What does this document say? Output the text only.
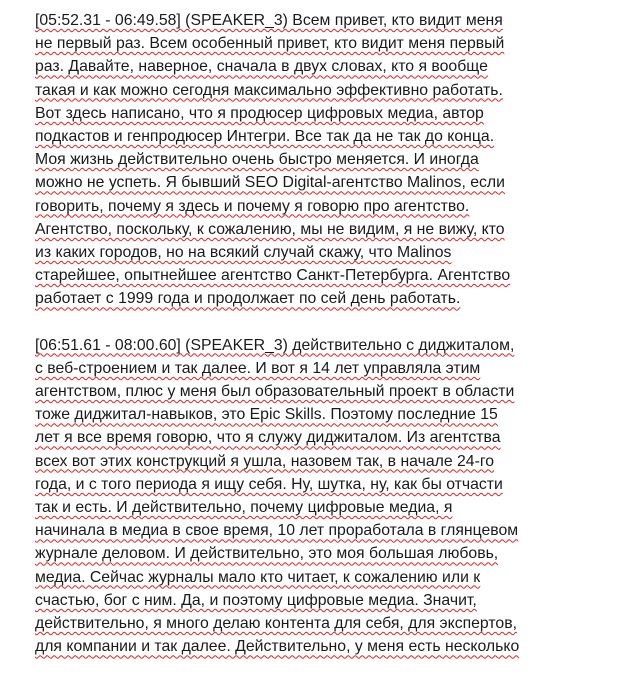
[05:52.31 - 06:49.58] (SPEAKER_3) Всем привет, кто видит меня
не первый раз. Всем особенный привет, кто видит меня первый
раз. Давайте, наверное, сначала в двух словах, кто я вообще
такая и как можно сегодня максимально эффективно работать.
Вот здесь написано, что я продюсер цифровых медиа, автор
подкастов и генпродюсер Интегри. Все так да не так до конца.
Моя жизнь действительно очень быстро меняется. И иногда
можно не успеть. Я бывший SEO Digital-агентство Malinos, если
говорить, почему я здесь и почему я говорю про агентство.
Агентство, поскольку, к сожалению, мы не видим, я не вижу, кто
из каких городов, но на всякий случай скажу, что Malinos
старейшее, опытнейшее агентство Санкт-Петербурга. Агентство
работает с 1999 года и продолжает по сей день работать.
[06:51.61 - 08:00.60] (SPEAKER_3) действительно с диджиталом,
с веб-строением и так далее. И вот я 14 лет управляла этим
агентством, плюс у меня был образовательный проект в области
тоже диджитал-навыков, это Epic Skills. Поэтому последние 15
лет я все время говорю, что я служу диджиталом. Из агентства
всех вот этих конструкций я ушла, назовем так, в начале 24-го
года, и с того периода я ищу себя. Ну, шутка, ну, как бы отчасти
так и есть. И действительно, почему цифровые медиа, я
начинала в медиа в свое время, 10 лет проработала в глянцевом
журнале деловом. И действительно, это моя большая любовь,
медиа. Сейчас журналы мало кто читает, к сожалению или к
счастью, бог с ним. Да, и поэтому цифровые медиа. Значит,
действительно, я много делаю контента для себя, для экспертов,
для компании и так далее. Действительно, у меня есть несколько
